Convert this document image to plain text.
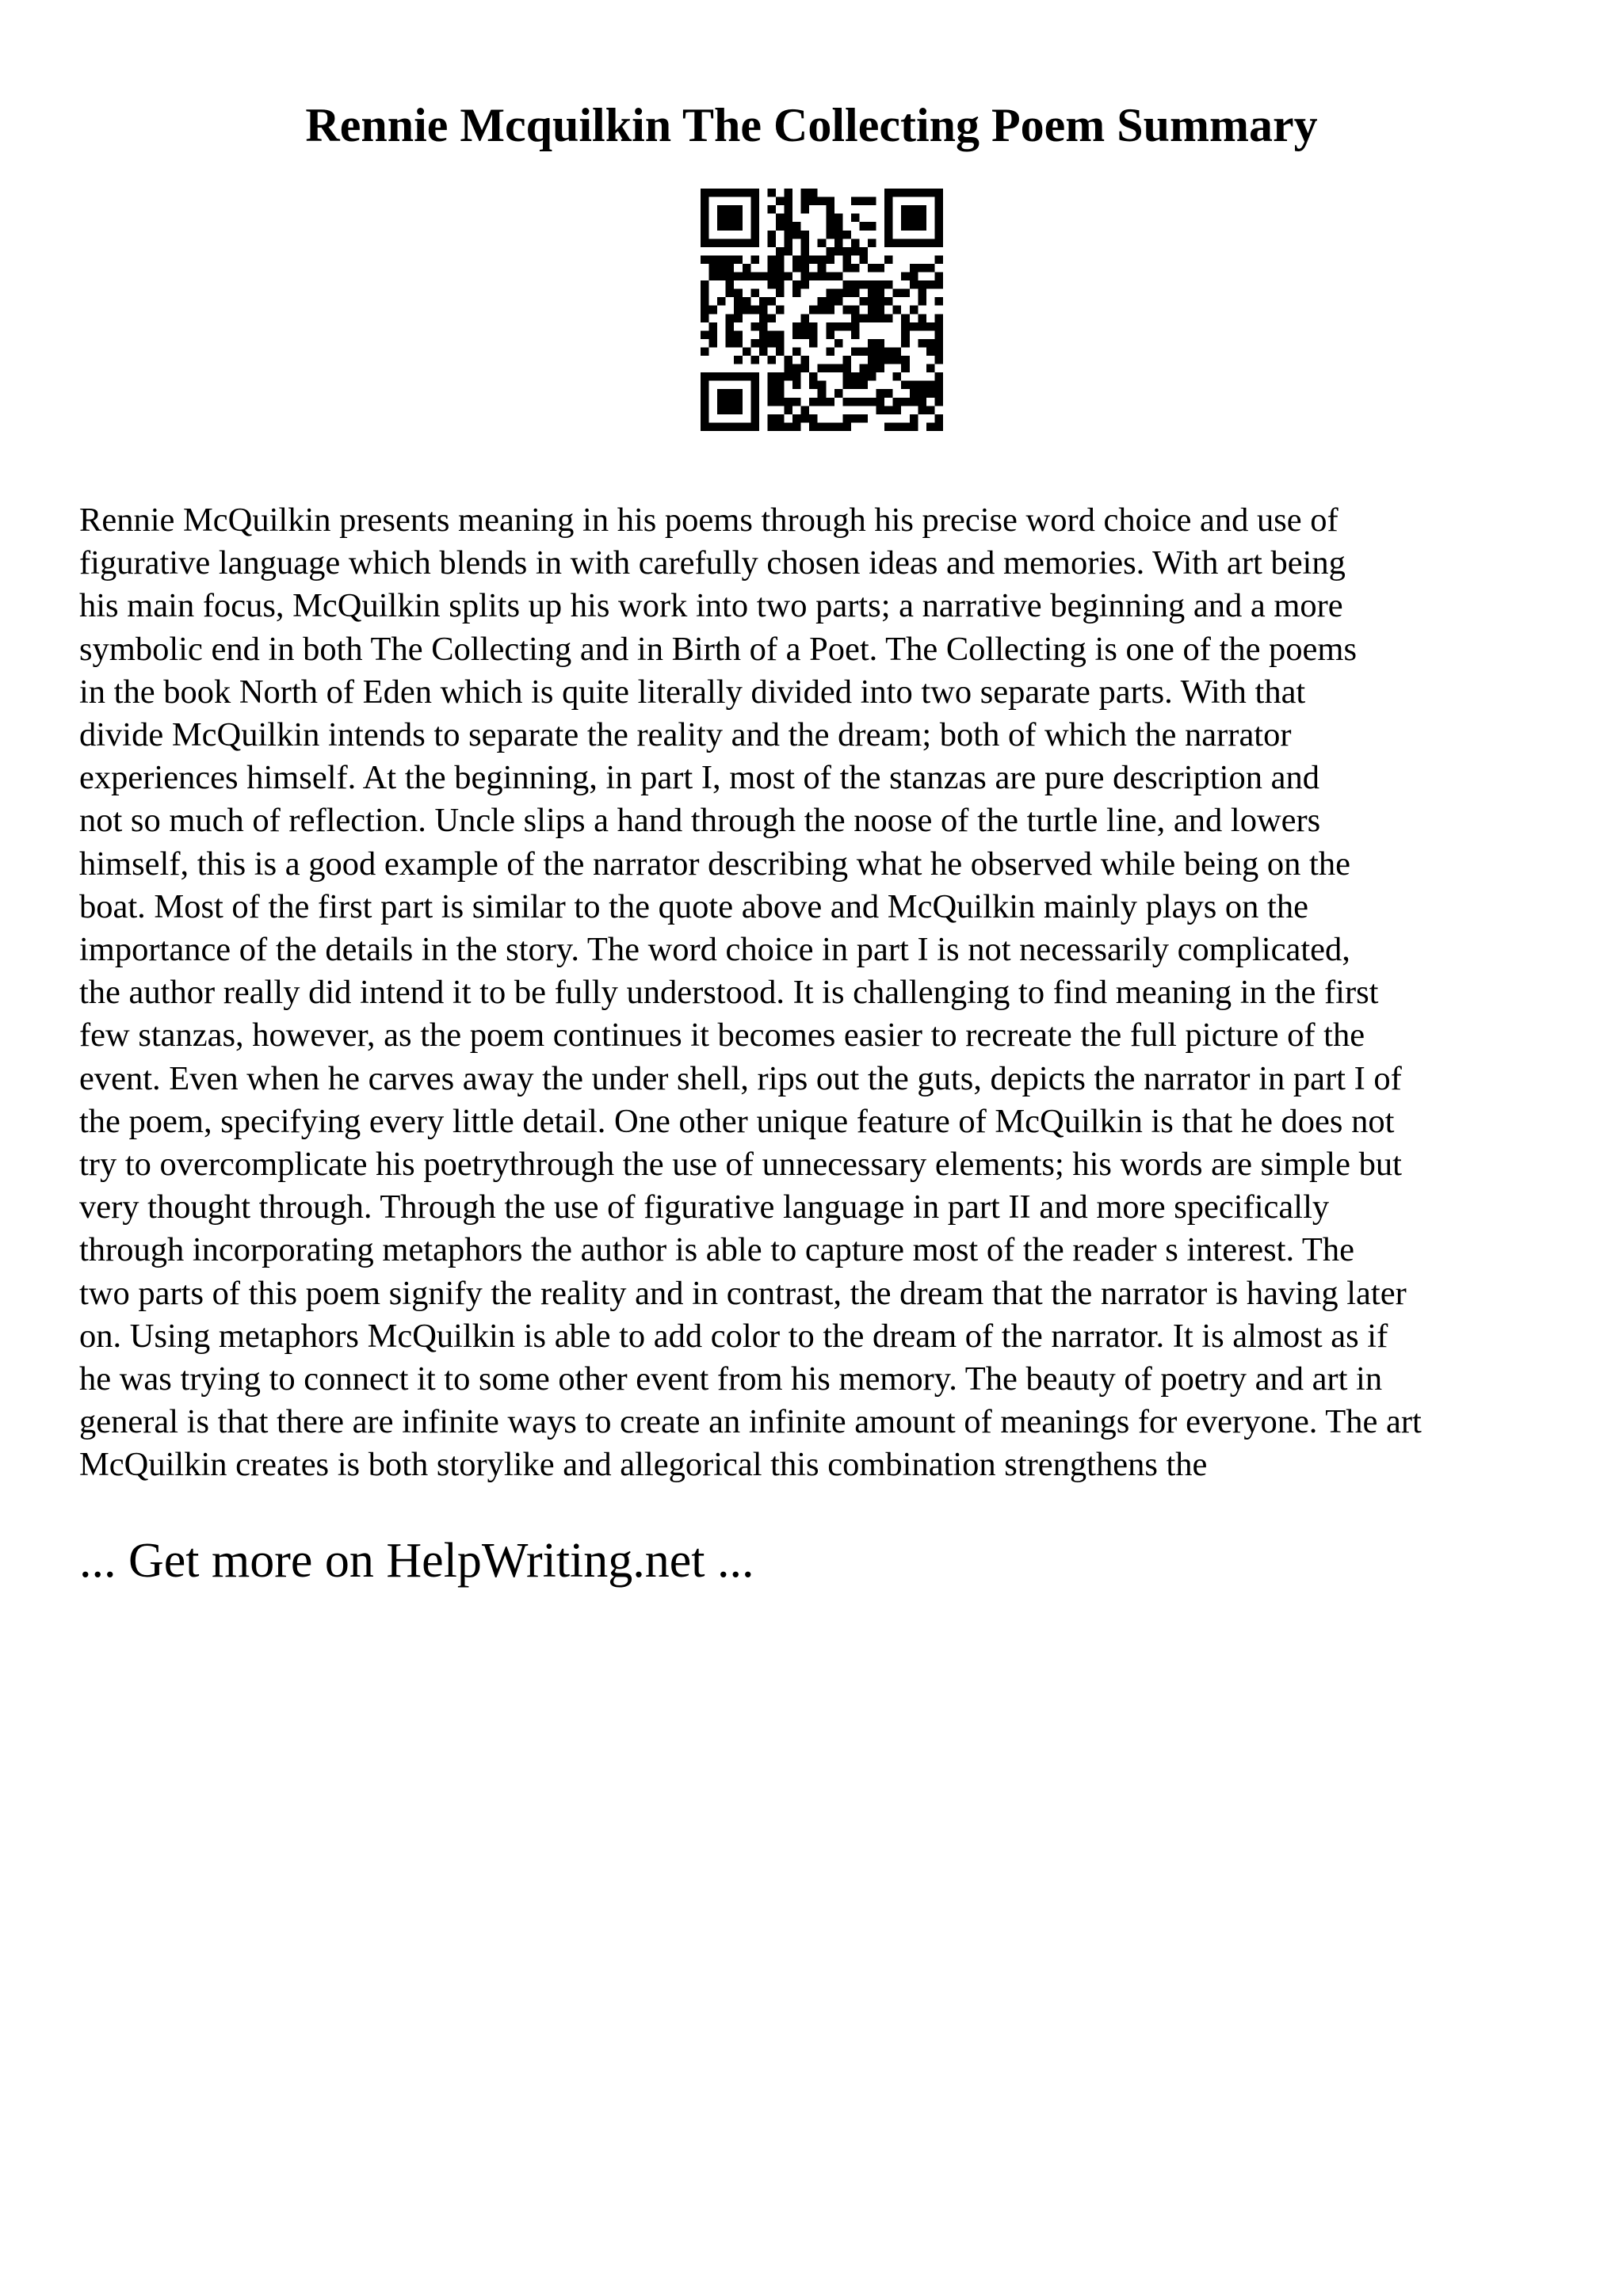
Rennie Mcquilkin The Collecting Poem Summary
Rennie McQuilkin presents meaning in his poems through his precise word choice and use of
figurative language which blends in with carefully chosen ideas and memories. With art being
his main focus, McQuilkin splits up his work into two parts; a narrative beginning and a more
symbolic end in both The Collecting and in Birth of a Poet. The Collecting is one of the poems
in the book North of Eden which is quite literally divided into two separate parts. With that
divide McQuilkin intends to separate the reality and the dream; both of which the narrator
experiences himself. At the beginning, in part I, most of the stanzas are pure description and
not so much of reflection. Uncle slips a hand through the noose of the turtle line, and lowers
himself, this is a good example of the narrator describing what he observed while being on the
boat. Most of the first part is similar to the quote above and McQuilkin mainly plays on the
importance of the details in the story. The word choice in part I is not necessarily complicated,
the author really did intend it to be fully understood. It is challenging to find meaning in the first
few stanzas, however, as the poem continues it becomes easier to recreate the full picture of the
event. Even when he carves away the under shell, rips out the guts, depicts the narrator in part I of
the poem, specifying every little detail. One other unique feature of McQuilkin is that he does not
try to overcomplicate his poetrythrough the use of unnecessary elements; his words are simple but
very thought through. Through the use of figurative language in part II and more specifically
through incorporating metaphors the author is able to capture most of the reader s interest. The
two parts of this poem signify the reality and in contrast, the dream that the narrator is having later
on. Using metaphors McQuilkin is able to add color to the dream of the narrator. It is almost as if
he was trying to connect it to some other event from his memory. The beauty of poetry and art in
general is that there are infinite ways to create an infinite amount of meanings for everyone. The art
McQuilkin creates is both storylike and allegorical this combination strengthens the
... Get more on HelpWriting.net ...
